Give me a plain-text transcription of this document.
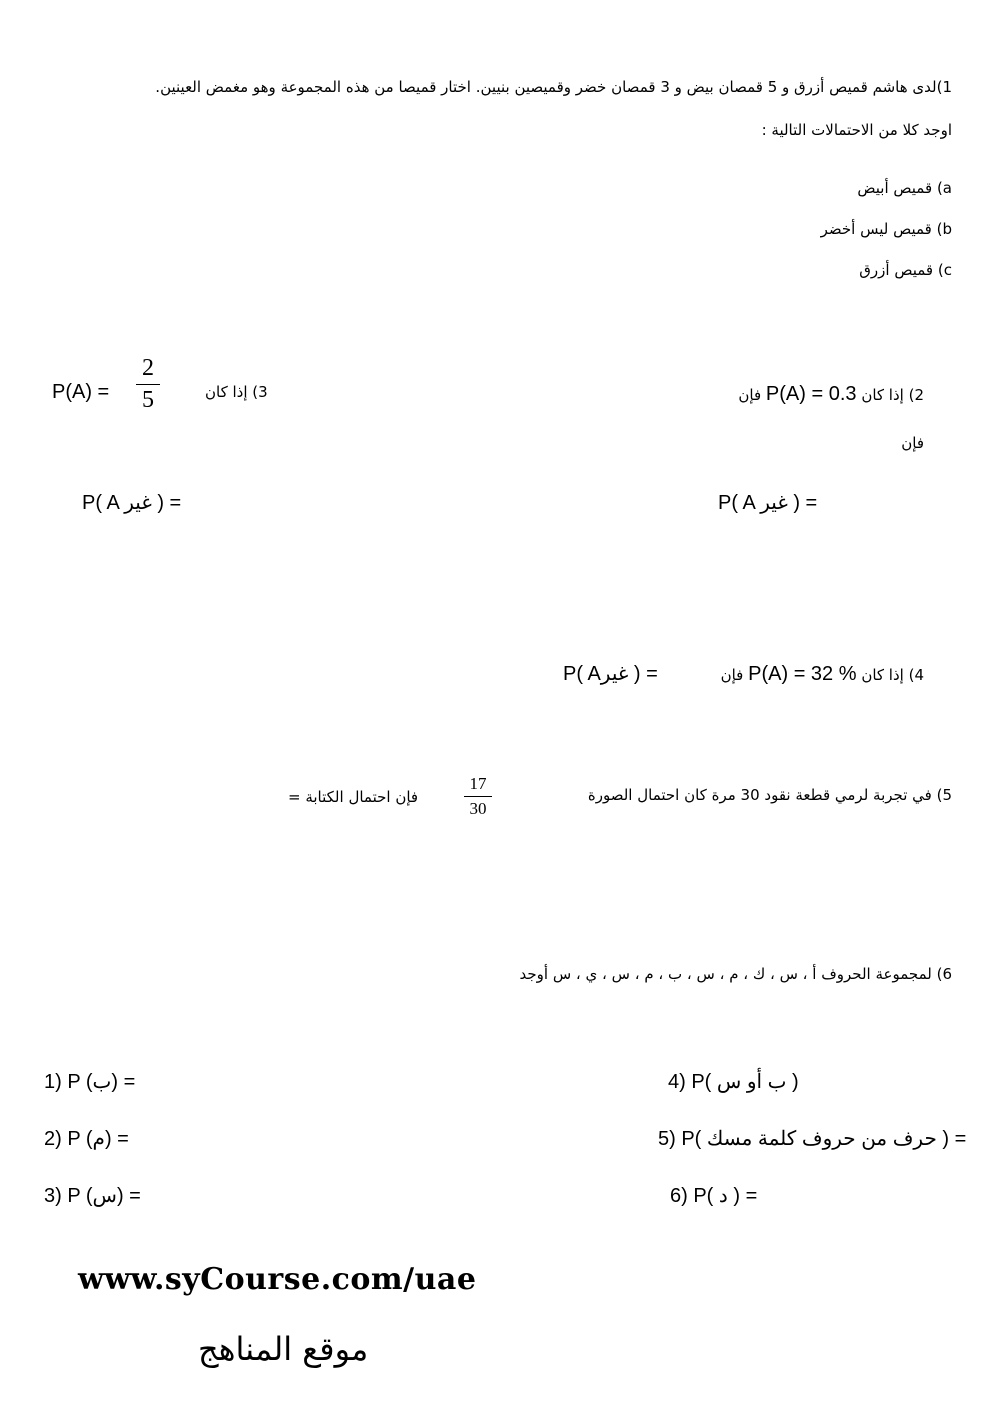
1)لدى هاشم قميص أزرق و 5 قمصان بيض و 3 قمصان خضر وقميصين بنيين. اختار قميصا من هذه المجموعة وهو مغمض العينين.
اوجد كلا من الاحتمالات التالية :
a) قميص أبيض
b) قميص ليس أخضر
c) قميص أزرق
2) إذا كان P(A) = 0.3 فإن
فإن
P( A غير ) =
P(A) =
2
5	3) إذا كان
P( A غير ) =
4) إذا كان P(A) = 32 % فإن
P( Aغير ) =
5) في تجربة لرمي قطعة نقود 30 مرة كان احتمال الصورة
17
30
فإن احتمال الكتابة =
6) لمجموعة الحروف أ ، س ، ك ، م ، س ، ب ، م ، س ، ي ، س أوجد
1) P (ب) =
2) P (م) =
3) P (س) =
4) P( ب أو س )
5) P( حرف من حروف كلمة مسك ) =
6) P( د ) =
www.syCourse.com/uae
موقع المناهج
